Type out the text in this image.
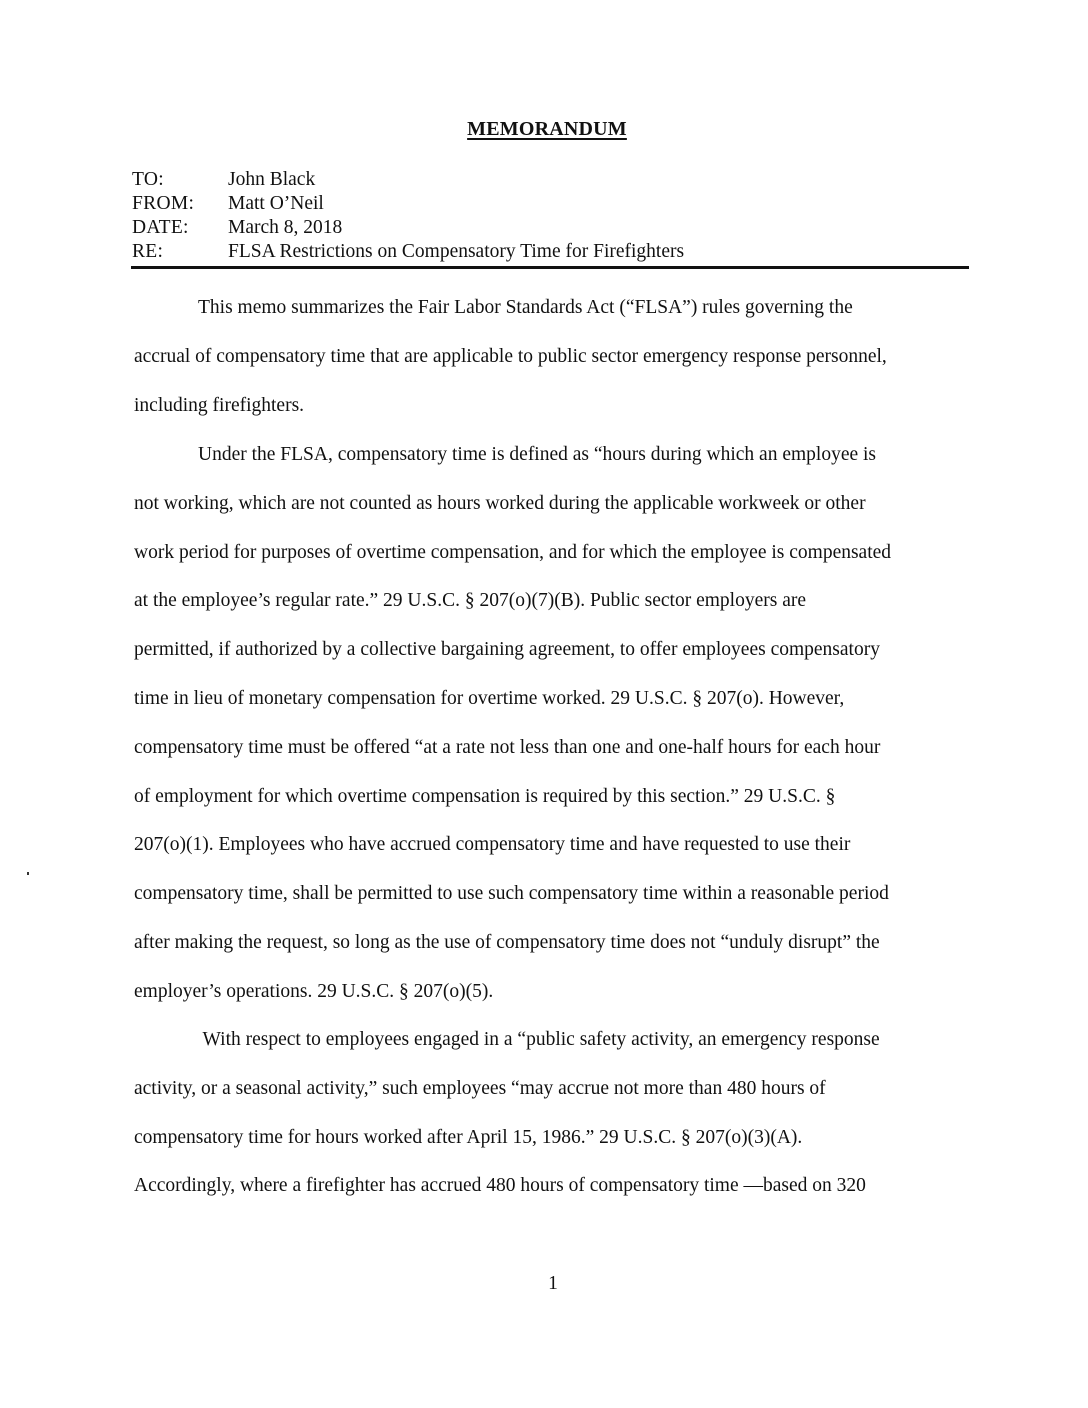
MEMORANDUM
TO:	John Black
FROM:	Matt O’Neil
DATE:	March 8, 2018
RE:	FLSA Restrictions on Compensatory Time for Firefighters

This memo summarizes the Fair Labor Standards Act (“FLSA”) rules governing the
accrual of compensatory time that are applicable to public sector emergency response personnel,
including firefighters.

Under the FLSA, compensatory time is defined as “hours during which an employee is
not working, which are not counted as hours worked during the applicable workweek or other
work period for purposes of overtime compensation, and for which the employee is compensated
at the employee’s regular rate.” 29 U.S.C. § 207(o)(7)(B). Public sector employers are
permitted, if authorized by a collective bargaining agreement, to offer employees compensatory
time in lieu of monetary compensation for overtime worked. 29 U.S.C. § 207(o). However,
compensatory time must be offered “at a rate not less than one and one-half hours for each hour
of employment for which overtime compensation is required by this section.” 29 U.S.C. §
207(o)(1). Employees who have accrued compensatory time and have requested to use their
compensatory time, shall be permitted to use such compensatory time within a reasonable period
after making the request, so long as the use of compensatory time does not “unduly disrupt” the
employer’s operations. 29 U.S.C. § 207(o)(5).

With respect to employees engaged in a “public safety activity, an emergency response
activity, or a seasonal activity,” such employees “may accrue not more than 480 hours of
compensatory time for hours worked after April 15, 1986.” 29 U.S.C. § 207(o)(3)(A).
Accordingly, where a firefighter has accrued 480 hours of compensatory time —based on 320

1
